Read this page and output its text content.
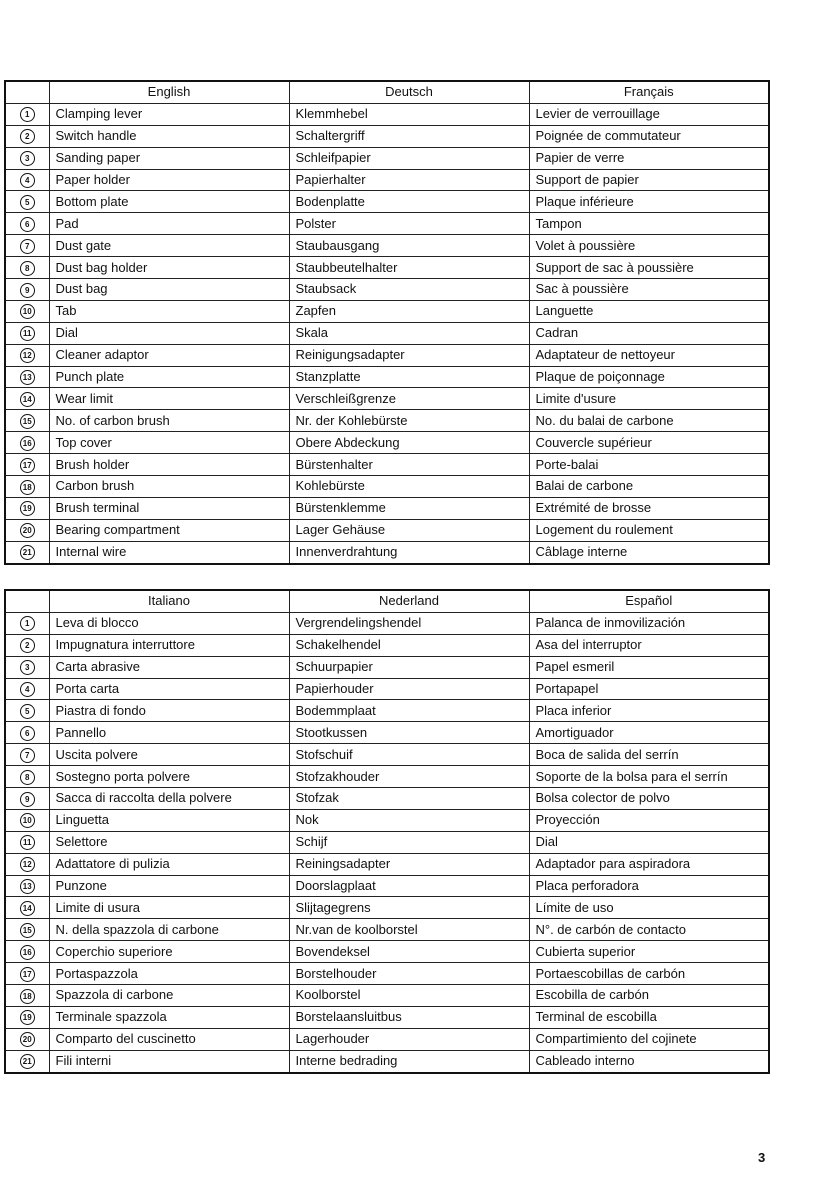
	English	Deutsch	Français
1	Clamping lever	Klemmhebel	Levier de verrouillage
2	Switch handle	Schaltergriff	Poignée de commutateur
3	Sanding paper	Schleifpapier	Papier de verre
4	Paper holder	Papierhalter	Support de papier
5	Bottom plate	Bodenplatte	Plaque inférieure
6	Pad	Polster	Tampon
7	Dust gate	Staubausgang	Volet à poussière
8	Dust bag holder	Staubbeutelhalter	Support de sac à poussière
9	Dust bag	Staubsack	Sac à poussière
10	Tab	Zapfen	Languette
11	Dial	Skala	Cadran
12	Cleaner adaptor	Reinigungsadapter	Adaptateur de nettoyeur
13	Punch plate	Stanzplatte	Plaque de poiçonnage
14	Wear limit	Verschleißgrenze	Limite d'usure
15	No. of carbon brush	Nr. der Kohlebürste	No. du balai de carbone
16	Top cover	Obere Abdeckung	Couvercle supérieur
17	Brush holder	Bürstenhalter	Porte-balai
18	Carbon brush	Kohlebürste	Balai de carbone
19	Brush terminal	Bürstenklemme	Extrémité de brosse
20	Bearing compartment	Lager Gehäuse	Logement du roulement
21	Internal wire	Innenverdrahtung	Câblage interne
	Italiano	Nederland	Español
1	Leva di blocco	Vergrendelingshendel	Palanca de inmovilización
2	Impugnatura interruttore	Schakelhendel	Asa del interruptor
3	Carta abrasive	Schuurpapier	Papel esmeril
4	Porta carta	Papierhouder	Portapapel
5	Piastra di fondo	Bodemmplaat	Placa inferior
6	Pannello	Stootkussen	Amortiguador
7	Uscita polvere	Stofschuif	Boca de salida del serrín
8	Sostegno porta polvere	Stofzakhouder	Soporte de la bolsa para el serrín
9	Sacca di raccolta della polvere	Stofzak	Bolsa colector de polvo
10	Linguetta	Nok	Proyección
11	Selettore	Schijf	Dial
12	Adattatore di pulizia	Reiningsadapter	Adaptador para aspiradora
13	Punzone	Doorslagplaat	Placa perforadora
14	Limite di usura	Slijtagegrens	Límite de uso
15	N. della spazzola di carbone	Nr.van de koolborstel	N°. de carbón de contacto
16	Coperchio superiore	Bovendeksel	Cubierta superior
17	Portaspazzola	Borstelhouder	Portaescobillas de carbón
18	Spazzola di carbone	Koolborstel	Escobilla de carbón
19	Terminale spazzola	Borstelaansluitbus	Terminal de escobilla
20	Comparto del cuscinetto	Lagerhouder	Compartimiento del cojinete
21	Fili interni	Interne bedrading	Cableado interno
3
